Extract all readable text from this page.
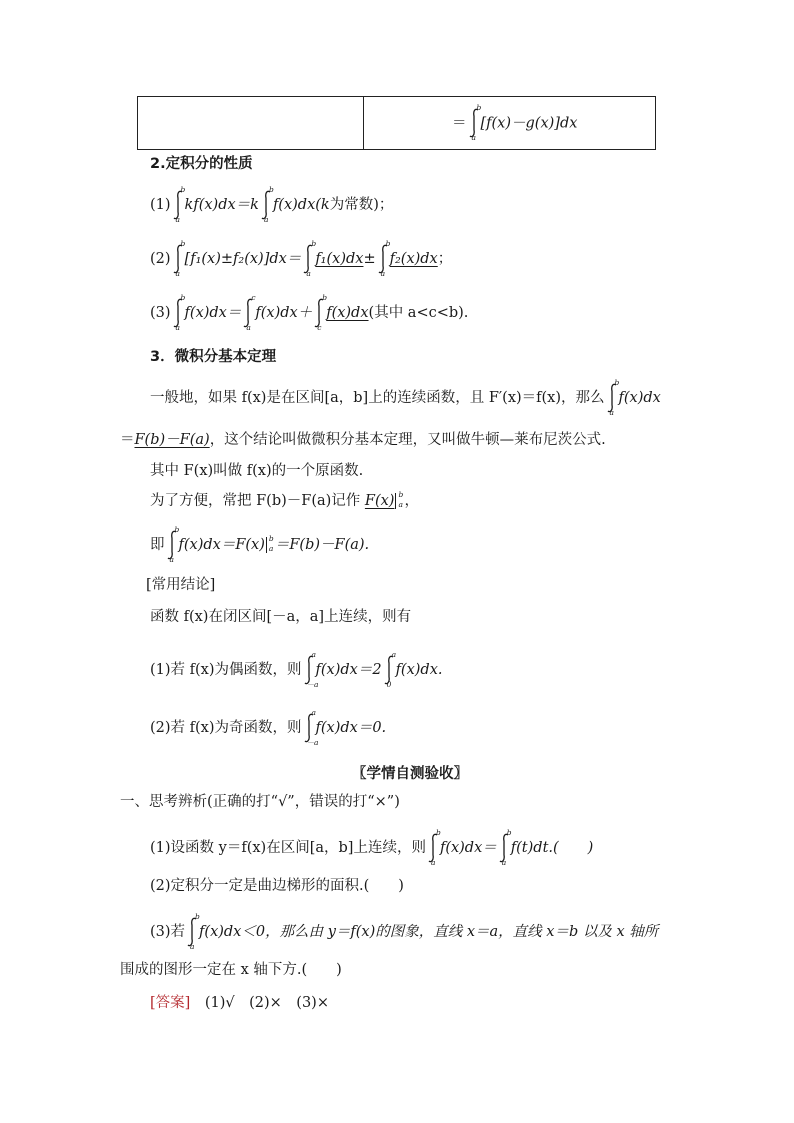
	＝
b
a
[f(x)－g(x)]dx
2.定积分的性质
(1)
b
a
kf(x)dx＝k
b
a
f(x)dx(k为常数)；
(2)
b
a
[f₁(x)±f₂(x)]dx＝
b
a
f₁(x)dx±
b
a
f₂(x)dx；
(3)
b
a
f(x)dx＝
c
a
f(x)dx＋
b
c
f(x)dx(其中 a<c<b).
3．微积分基本定理
一般地，如果 f(x)是在区间[a，b]上的连续函数，且 F′(x)＝f(x)，那么
b
a
f(x)dx
＝F(b)－F(a)，这个结论叫做微积分基本定理，又叫做牛顿—莱布尼茨公式.
其中 F(x)叫做 f(x)的一个原函数.
为了方便，常把 F(b)－F(a)记作 F(x) b
a ，
即
b
a
f(x)dx＝F(x) b
a ＝F(b)－F(a).
[常用结论]
函数 f(x)在闭区间[－a，a]上连续，则有
(1)若 f(x)为偶函数，则
a
－a
f(x)dx＝2
a
0
f(x)dx.
(2)若 f(x)为奇函数，则
a
－a
f(x)dx＝0.
〖学情自测验收〗
一、思考辨析(正确的打“√”，错误的打“×”)
(1)设函数 y＝f(x)在区间[a，b]上连续，则
b
a
f(x)dx＝
b
a
f(t)dt.(　　)
(2)定积分一定是曲边梯形的面积.(　　)
(3)若
b
a
f(x)dx＜0，那么由 y＝f(x)的图象，直线 x＝a，直线 x＝b 以及 x 轴所
围成的图形一定在 x 轴下方.(　　)
[答案]　 (1)√　(2)×　(3)×
